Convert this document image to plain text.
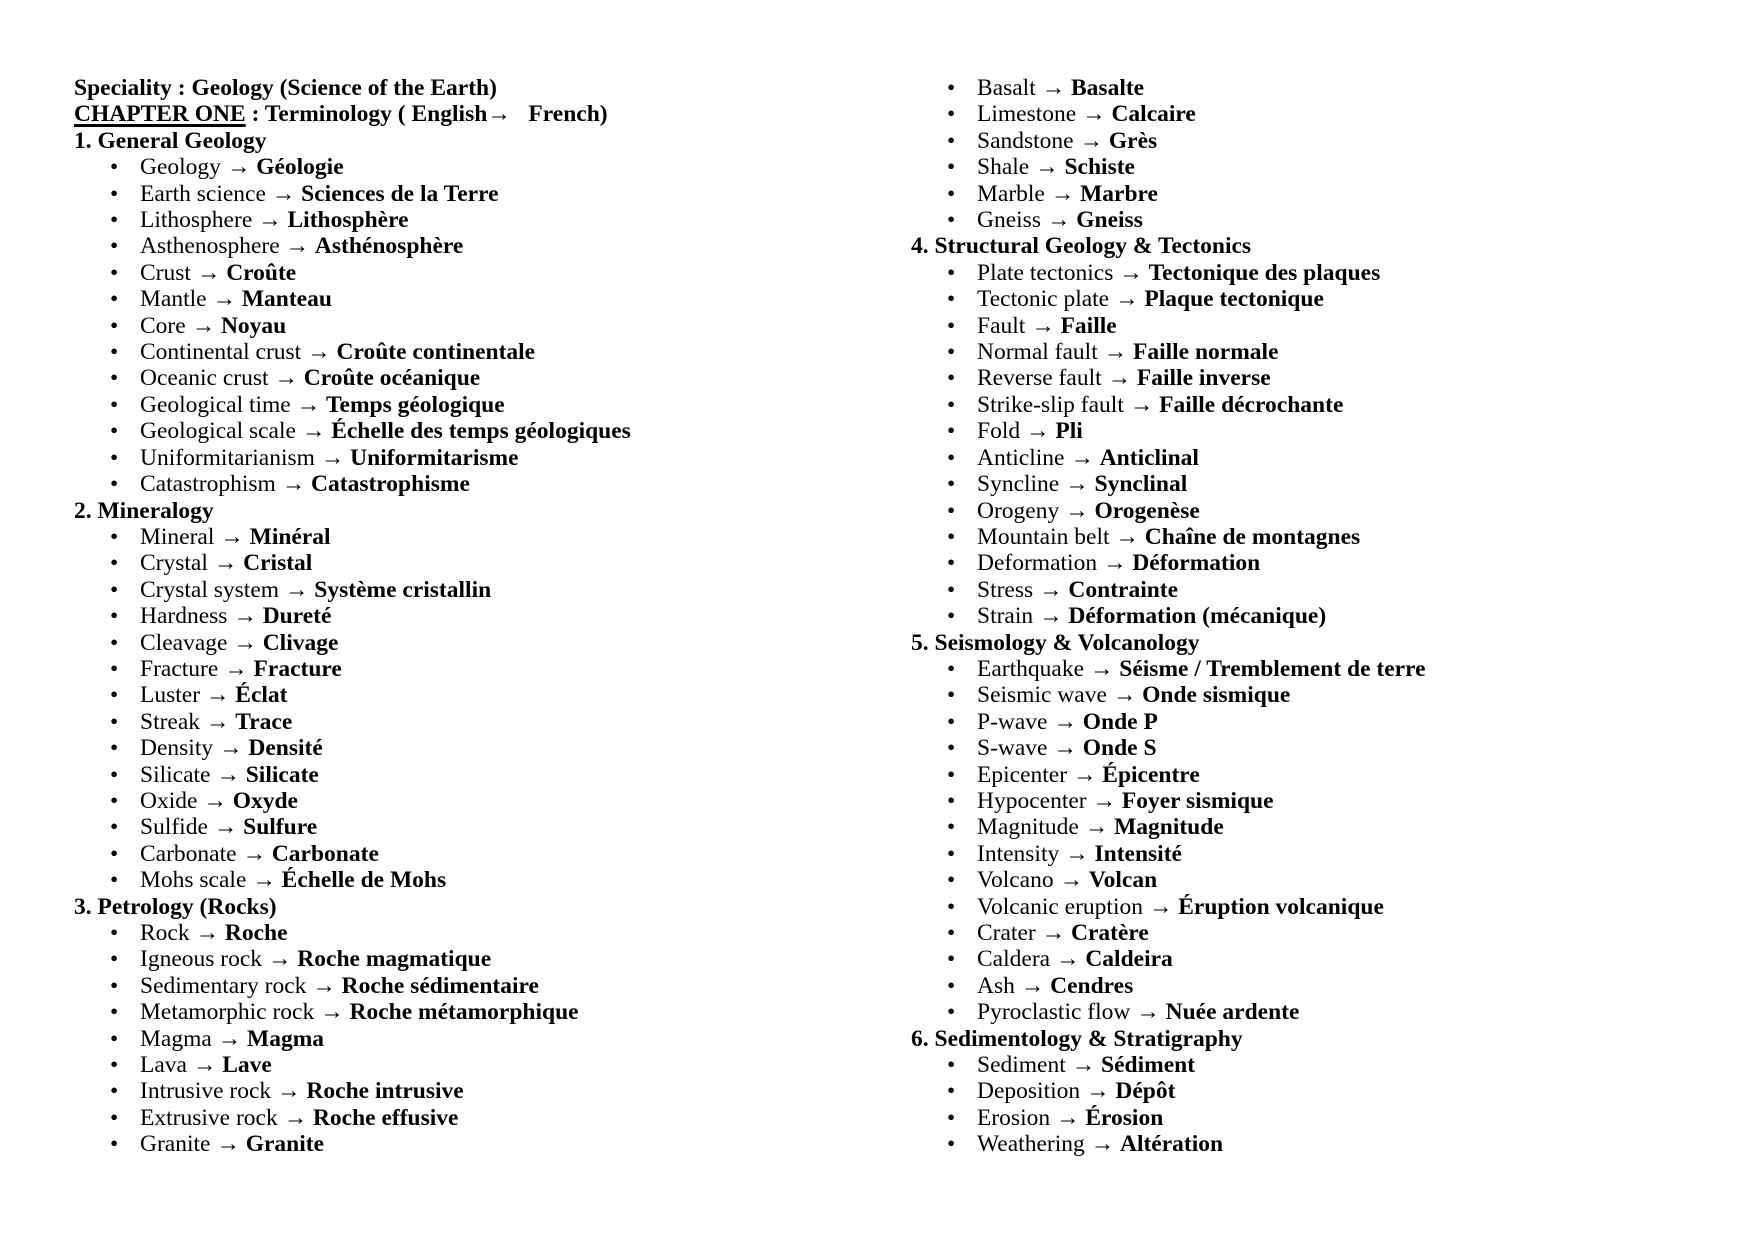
Speciality : Geology (Science of the Earth)
CHAPTER ONE : Terminology ( English→   French)
1. General Geology
• Geology → Géologie
• Earth science → Sciences de la Terre
• Lithosphere → Lithosphère
• Asthenosphere → Asthénosphère
• Crust → Croûte
• Mantle → Manteau
• Core → Noyau
• Continental crust → Croûte continentale
• Oceanic crust → Croûte océanique
• Geological time → Temps géologique
• Geological scale → Échelle des temps géologiques
• Uniformitarianism → Uniformitarisme
• Catastrophism → Catastrophisme
2. Mineralogy
• Mineral → Minéral
• Crystal → Cristal
• Crystal system → Système cristallin
• Hardness → Dureté
• Cleavage → Clivage
• Fracture → Fracture
• Luster → Éclat
• Streak → Trace
• Density → Densité
• Silicate → Silicate
• Oxide → Oxyde
• Sulfide → Sulfure
• Carbonate → Carbonate
• Mohs scale → Échelle de Mohs
3. Petrology (Rocks)
• Rock → Roche
• Igneous rock → Roche magmatique
• Sedimentary rock → Roche sédimentaire
• Metamorphic rock → Roche métamorphique
• Magma → Magma
• Lava → Lave
• Intrusive rock → Roche intrusive
• Extrusive rock → Roche effusive
• Granite → Granite
• Basalt → Basalte
• Limestone → Calcaire
• Sandstone → Grès
• Shale → Schiste
• Marble → Marbre
• Gneiss → Gneiss
4. Structural Geology & Tectonics
• Plate tectonics → Tectonique des plaques
• Tectonic plate → Plaque tectonique
• Fault → Faille
• Normal fault → Faille normale
• Reverse fault → Faille inverse
• Strike-slip fault → Faille décrochante
• Fold → Pli
• Anticline → Anticlinal
• Syncline → Synclinal
• Orogeny → Orogenèse
• Mountain belt → Chaîne de montagnes
• Deformation → Déformation
• Stress → Contrainte
• Strain → Déformation (mécanique)
5. Seismology & Volcanology
• Earthquake → Séisme / Tremblement de terre
• Seismic wave → Onde sismique
• P-wave → Onde P
• S-wave → Onde S
• Epicenter → Épicentre
• Hypocenter → Foyer sismique
• Magnitude → Magnitude
• Intensity → Intensité
• Volcano → Volcan
• Volcanic eruption → Éruption volcanique
• Crater → Cratère
• Caldera → Caldeira
• Ash → Cendres
• Pyroclastic flow → Nuée ardente
6. Sedimentology & Stratigraphy
• Sediment → Sédiment
• Deposition → Dépôt
• Erosion → Érosion
• Weathering → Altération
